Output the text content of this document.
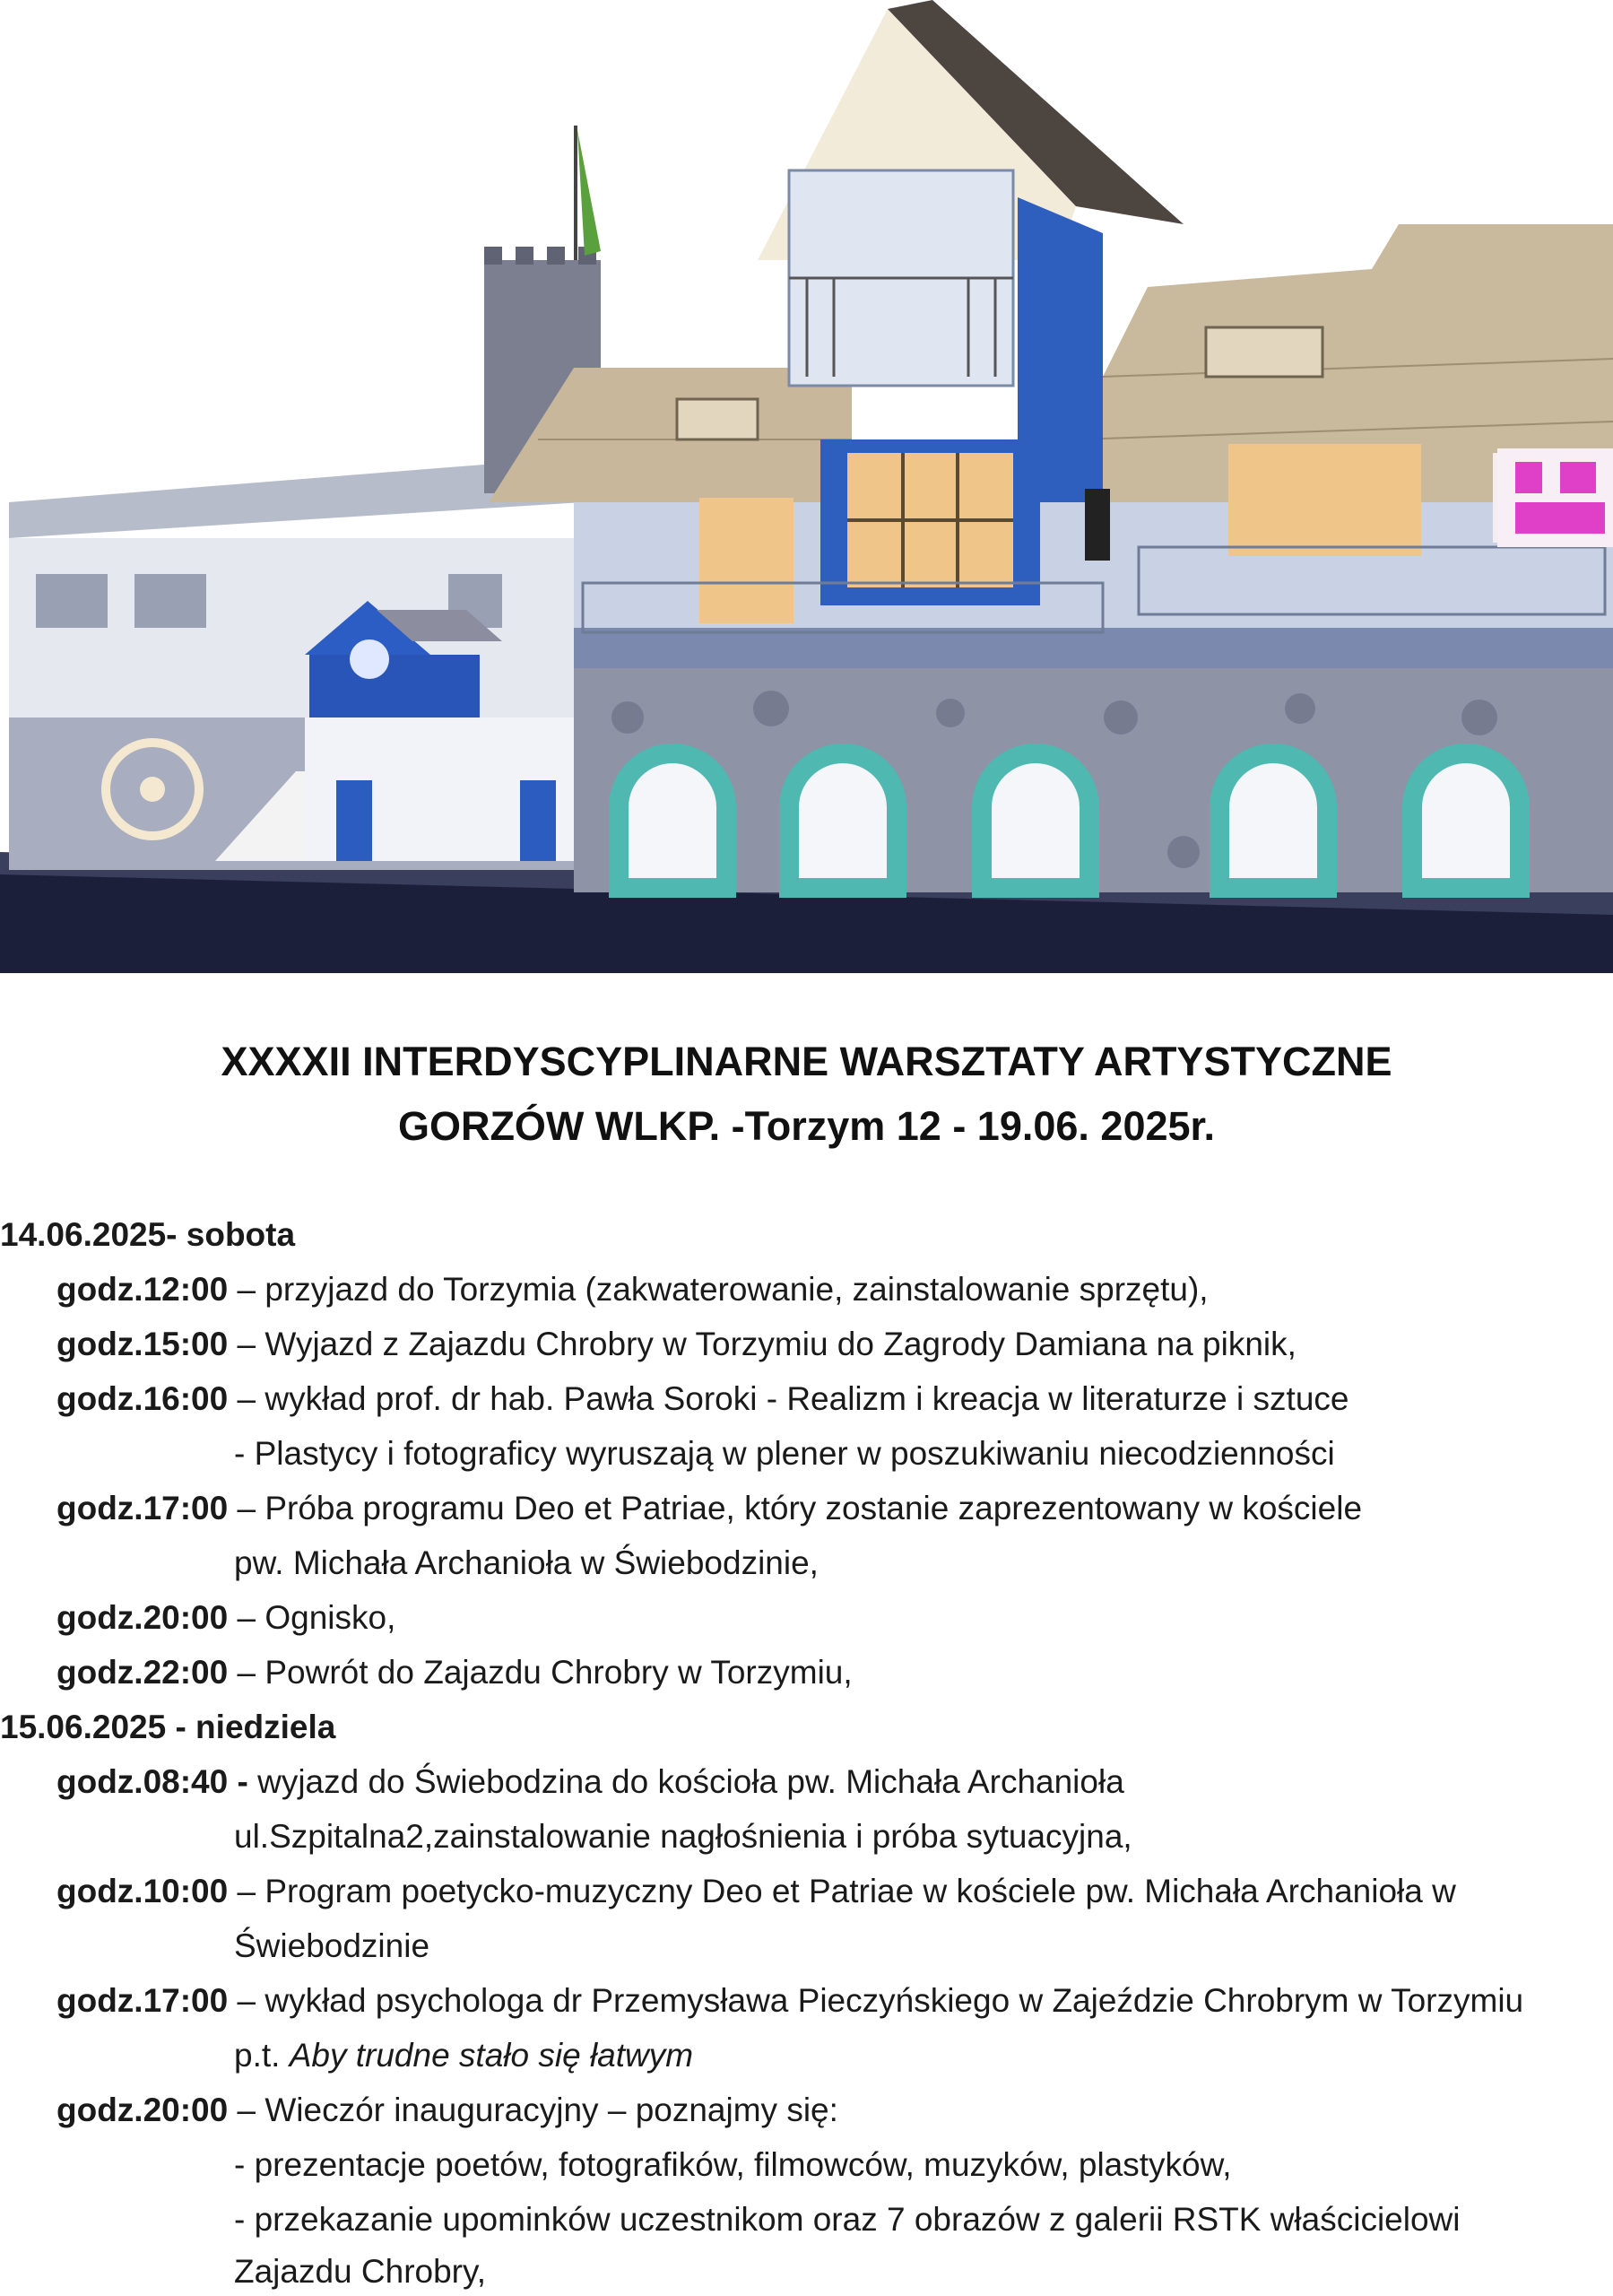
XXXXII INTERDYSCYPLINARNE WARSZTATY ARTYSTYCZNE
GORZÓW WLKP. -Torzym 12 - 19.06. 2025r.
14.06.2025- sobota
godz.12:00 – przyjazd do Torzymia (zakwaterowanie, zainstalowanie sprzętu),
godz.15:00 – Wyjazd z Zajazdu Chrobry w Torzymiu do Zagrody Damiana na piknik,
godz.16:00 – wykład prof. dr hab. Pawła Soroki - Realizm i kreacja w literaturze i sztuce
- Plastycy i fotograficy wyruszają w plener w poszukiwaniu niecodzienności
godz.17:00 – Próba programu Deo et Patriae, który zostanie zaprezentowany w kościele
pw. Michała Archanioła w Świebodzinie,
godz.20:00 – Ognisko,
godz.22:00 – Powrót do Zajazdu Chrobry w Torzymiu,
15.06.2025 - niedziela
godz.08:40 - wyjazd do Świebodzina do kościoła pw. Michała Archanioła
ul.Szpitalna2,zainstalowanie nagłośnienia i próba sytuacyjna,
godz.10:00 – Program poetycko-muzyczny Deo et Patriae w kościele pw. Michała Archanioła w
Świebodzinie
godz.17:00 – wykład psychologa dr Przemysława Pieczyńskiego w Zajeździe Chrobrym w Torzymiu
p.t. Aby trudne stało się łatwym
godz.20:00 – Wieczór inauguracyjny – poznajmy się:
- prezentacje poetów, fotografików, filmowców, muzyków, plastyków,
- przekazanie upominków uczestnikom oraz 7 obrazów z galerii RSTK właścicielowi
Zajazdu Chrobry,
